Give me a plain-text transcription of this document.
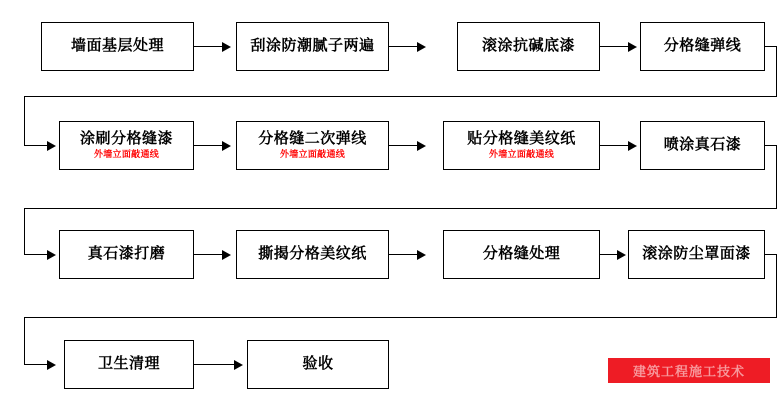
墙面基层处理	刮涂防潮腻子两遍	滚涂抗碱底漆	分格缝弹线
涂刷分格缝漆
外墙立面敲通线
分格缝二次弹线
外墙立面敲通线
贴分格缝美纹纸
外墙立面敲通线
喷涂真石漆
真石漆打磨	撕揭分格美纹纸	分格缝处理	滚涂防尘罩面漆
卫生清理	验收	建筑工程施工技术
